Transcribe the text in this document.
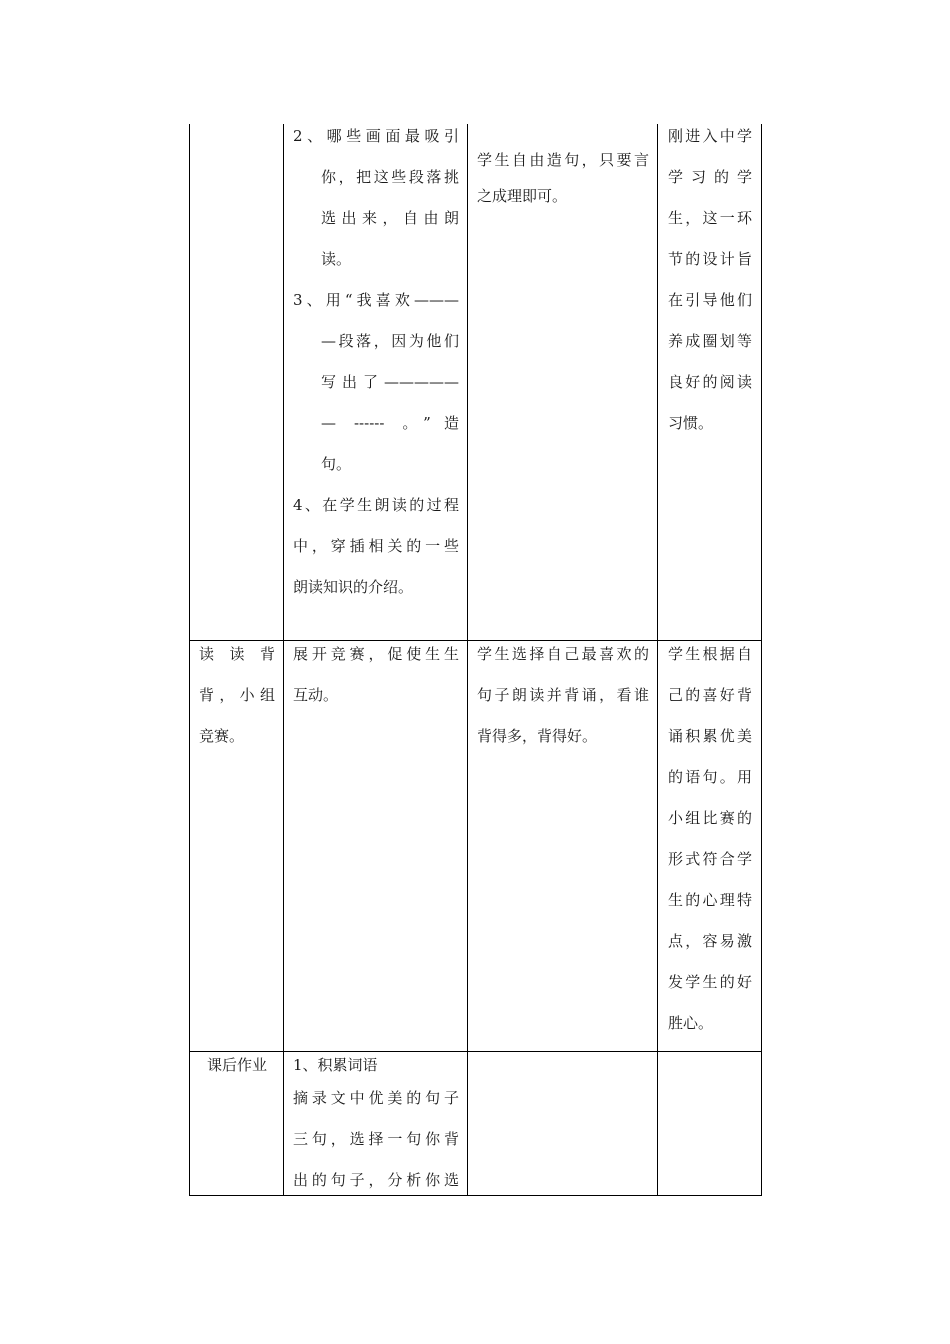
2、哪些画面最吸引
你，把这些段落挑
选出来，自由朗
读。
3、用“我喜欢———
—段落，因为他们
写出了—————
— ------ 。”造
句。
4、在学生朗读的过程
中，穿插相关的一些
朗读知识的介绍。
学生自由造句，只要言
之成理即可。
刚进入中学
学 习 的 学
生，这一环
节的设计旨
在引导他们
养成圈划等
良好的阅读
习惯。
读 读 背
背，小组
竞赛。
展开竞赛，促使生生
互动。
学生选择自己最喜欢的
句子朗读并背诵，看谁
背得多，背得好。
学生根据自
己的喜好背
诵积累优美
的语句。用
小组比赛的
形式符合学
生的心理特
点，容易激
发学生的好
胜心。
课后作业	1、积累词语
摘录文中优美的句子
三句，选择一句你背
出的句子，分析你选
